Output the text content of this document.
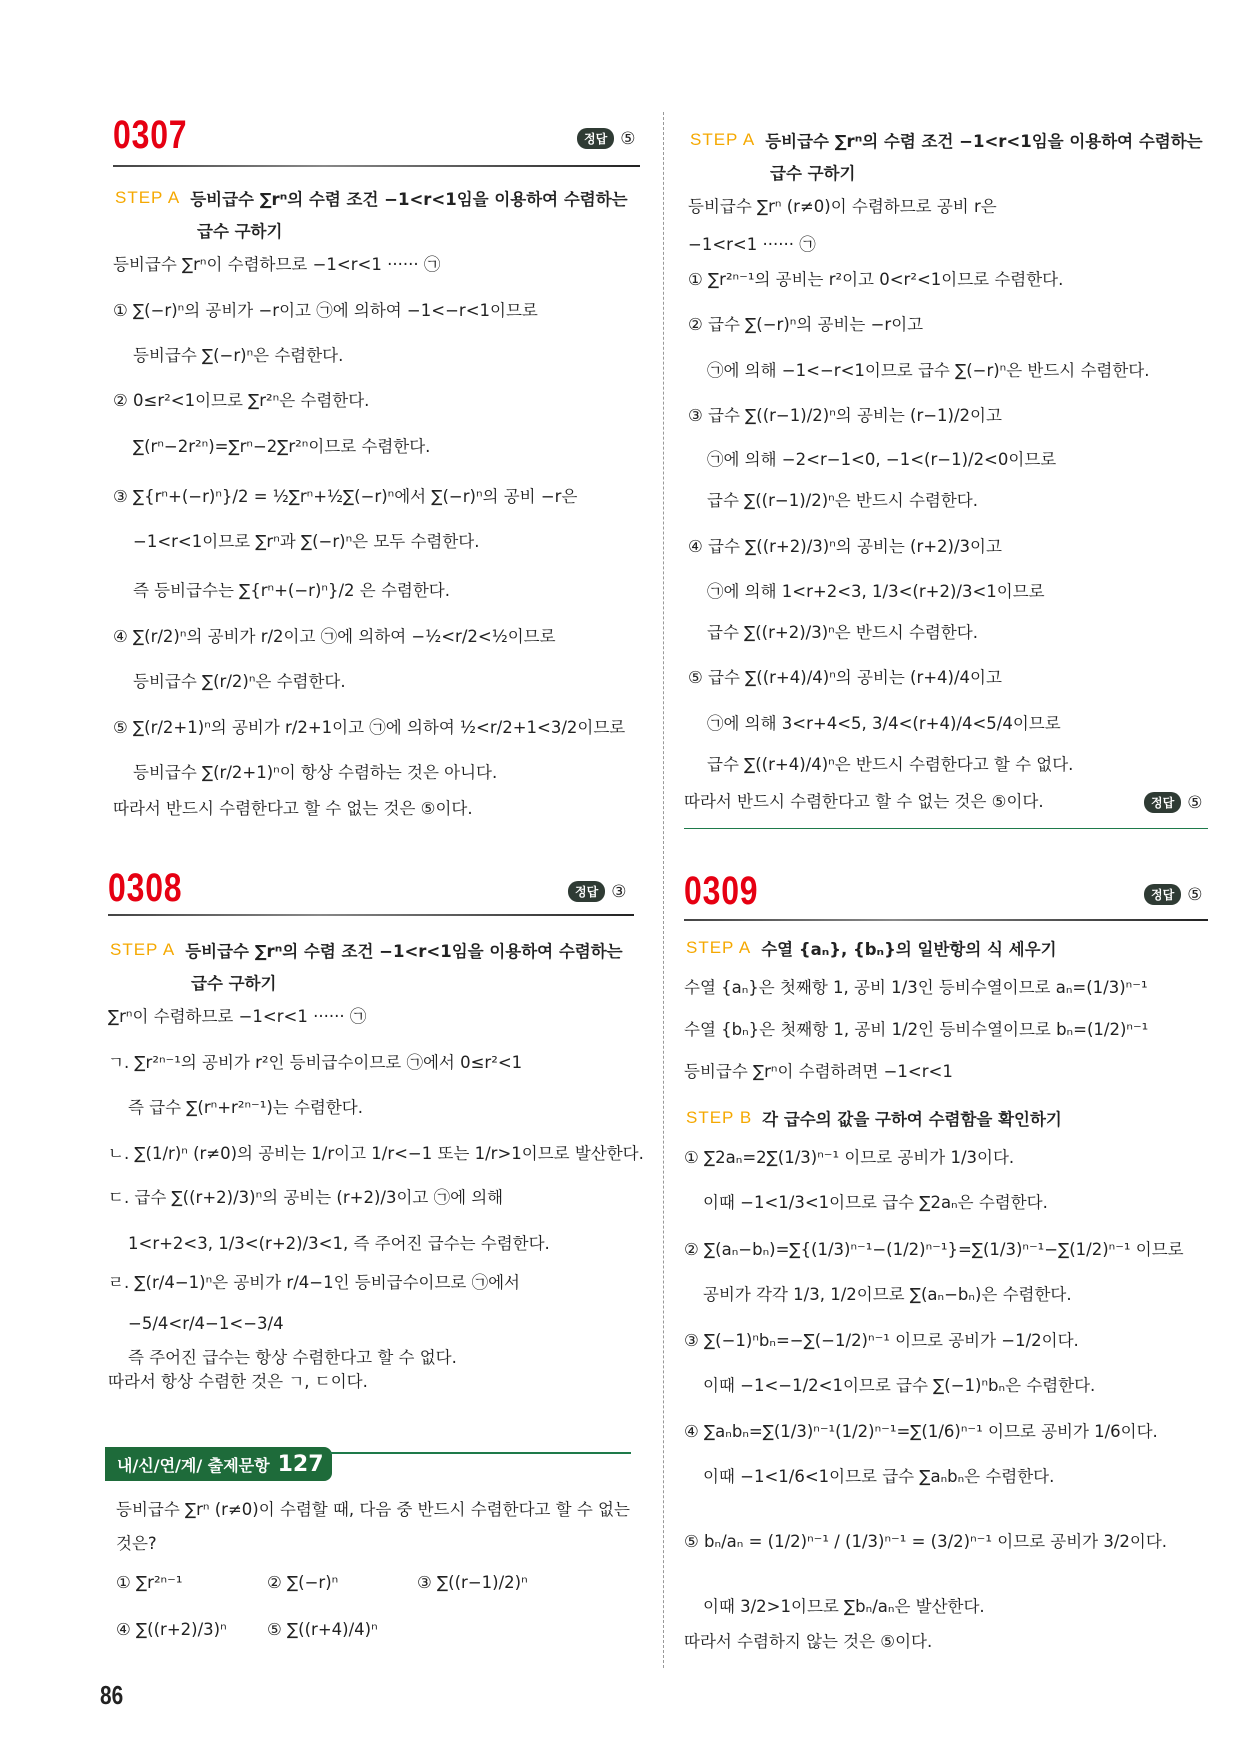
0307	정답 ⑤
STEP A 등비급수 ∑rⁿ의 수렴 조건 −1<r<1임을 이용하여 수렴하는
급수 구하기
등비급수 ∑rⁿ이 수렴하므로 −1<r<1 ······ ㉠
① ∑(−r)ⁿ의 공비가 −r이고 ㉠에 의하여 −1<−r<1이므로
등비급수 ∑(−r)ⁿ은 수렴한다.
② 0≤r²<1이므로 ∑r²ⁿ은 수렴한다.
∑(rⁿ−2r²ⁿ)=∑rⁿ−2∑r²ⁿ이므로 수렴한다.
③ ∑{rⁿ+(−r)ⁿ}/2 = ½∑rⁿ+½∑(−r)ⁿ에서 ∑(−r)ⁿ의 공비 −r은
−1<r<1이므로 ∑rⁿ과 ∑(−r)ⁿ은 모두 수렴한다.
즉 등비급수는 ∑{rⁿ+(−r)ⁿ}/2 은 수렴한다.
④ ∑(r/2)ⁿ의 공비가 r/2이고 ㉠에 의하여 −½<r/2<½이므로
등비급수 ∑(r/2)ⁿ은 수렴한다.
⑤ ∑(r/2+1)ⁿ의 공비가 r/2+1이고 ㉠에 의하여 ½<r/2+1<3/2이므로
등비급수 ∑(r/2+1)ⁿ이 항상 수렴하는 것은 아니다.
따라서 반드시 수렴한다고 할 수 없는 것은 ⑤이다.
0308	정답 ③
STEP A 등비급수 ∑rⁿ의 수렴 조건 −1<r<1임을 이용하여 수렴하는
급수 구하기
∑rⁿ이 수렴하므로 −1<r<1 ······ ㉠
ㄱ. ∑r²ⁿ⁻¹의 공비가 r²인 등비급수이므로 ㉠에서 0≤r²<1
즉 급수 ∑(rⁿ+r²ⁿ⁻¹)는 수렴한다.
ㄴ. ∑(1/r)ⁿ (r≠0)의 공비는 1/r이고 1/r<−1 또는 1/r>1이므로 발산한다.
ㄷ. 급수 ∑((r+2)/3)ⁿ의 공비는 (r+2)/3이고 ㉠에 의해
1<r+2<3, 1/3<(r+2)/3<1, 즉 주어진 급수는 수렴한다.
ㄹ. ∑(r/4−1)ⁿ은 공비가 r/4−1인 등비급수이므로 ㉠에서
−5/4<r/4−1<−3/4
즉 주어진 급수는 항상 수렴한다고 할 수 없다.
따라서 항상 수렴한 것은 ㄱ, ㄷ이다.
내/신/연/계/ 출제문항 127
등비급수 ∑rⁿ (r≠0)이 수렴할 때, 다음 중 반드시 수렴한다고 할 수 없는
것은?
① ∑r²ⁿ⁻¹	② ∑(−r)ⁿ	③ ∑((r−1)/2)ⁿ
④ ∑((r+2)/3)ⁿ ⑤ ∑((r+4)/4)ⁿ
86
STEP A 등비급수 ∑rⁿ의 수렴 조건 −1<r<1임을 이용하여 수렴하는
급수 구하기
등비급수 ∑rⁿ (r≠0)이 수렴하므로 공비 r은
−1<r<1 ······ ㉠
① ∑r²ⁿ⁻¹의 공비는 r²이고 0<r²<1이므로 수렴한다.
② 급수 ∑(−r)ⁿ의 공비는 −r이고
㉠에 의해 −1<−r<1이므로 급수 ∑(−r)ⁿ은 반드시 수렴한다.
③ 급수 ∑((r−1)/2)ⁿ의 공비는 (r−1)/2이고
㉠에 의해 −2<r−1<0, −1<(r−1)/2<0이므로
급수 ∑((r−1)/2)ⁿ은 반드시 수렴한다.
④ 급수 ∑((r+2)/3)ⁿ의 공비는 (r+2)/3이고
㉠에 의해 1<r+2<3, 1/3<(r+2)/3<1이므로
급수 ∑((r+2)/3)ⁿ은 반드시 수렴한다.
⑤ 급수 ∑((r+4)/4)ⁿ의 공비는 (r+4)/4이고
㉠에 의해 3<r+4<5, 3/4<(r+4)/4<5/4이므로
급수 ∑((r+4)/4)ⁿ은 반드시 수렴한다고 할 수 없다.
따라서 반드시 수렴한다고 할 수 없는 것은 ⑤이다.	정답 ⑤
0309	정답 ⑤
STEP A 수열 {aₙ}, {bₙ}의 일반항의 식 세우기
수열 {aₙ}은 첫째항 1, 공비 1/3인 등비수열이므로 aₙ=(1/3)ⁿ⁻¹
수열 {bₙ}은 첫째항 1, 공비 1/2인 등비수열이므로 bₙ=(1/2)ⁿ⁻¹
등비급수 ∑rⁿ이 수렴하려면 −1<r<1
STEP B 각 급수의 값을 구하여 수렴함을 확인하기
① ∑2aₙ=2∑(1/3)ⁿ⁻¹ 이므로 공비가 1/3이다.
이때 −1<1/3<1이므로 급수 ∑2aₙ은 수렴한다.
② ∑(aₙ−bₙ)=∑{(1/3)ⁿ⁻¹−(1/2)ⁿ⁻¹}=∑(1/3)ⁿ⁻¹−∑(1/2)ⁿ⁻¹ 이므로
공비가 각각 1/3, 1/2이므로 ∑(aₙ−bₙ)은 수렴한다.
③ ∑(−1)ⁿbₙ=−∑(−1/2)ⁿ⁻¹ 이므로 공비가 −1/2이다.
이때 −1<−1/2<1이므로 급수 ∑(−1)ⁿbₙ은 수렴한다.
④ ∑aₙbₙ=∑(1/3)ⁿ⁻¹(1/2)ⁿ⁻¹=∑(1/6)ⁿ⁻¹ 이므로 공비가 1/6이다.
이때 −1<1/6<1이므로 급수 ∑aₙbₙ은 수렴한다.
⑤ bₙ/aₙ = (1/2)ⁿ⁻¹ / (1/3)ⁿ⁻¹ = (3/2)ⁿ⁻¹ 이므로 공비가 3/2이다.
이때 3/2>1이므로 ∑bₙ/aₙ은 발산한다.
따라서 수렴하지 않는 것은 ⑤이다.
